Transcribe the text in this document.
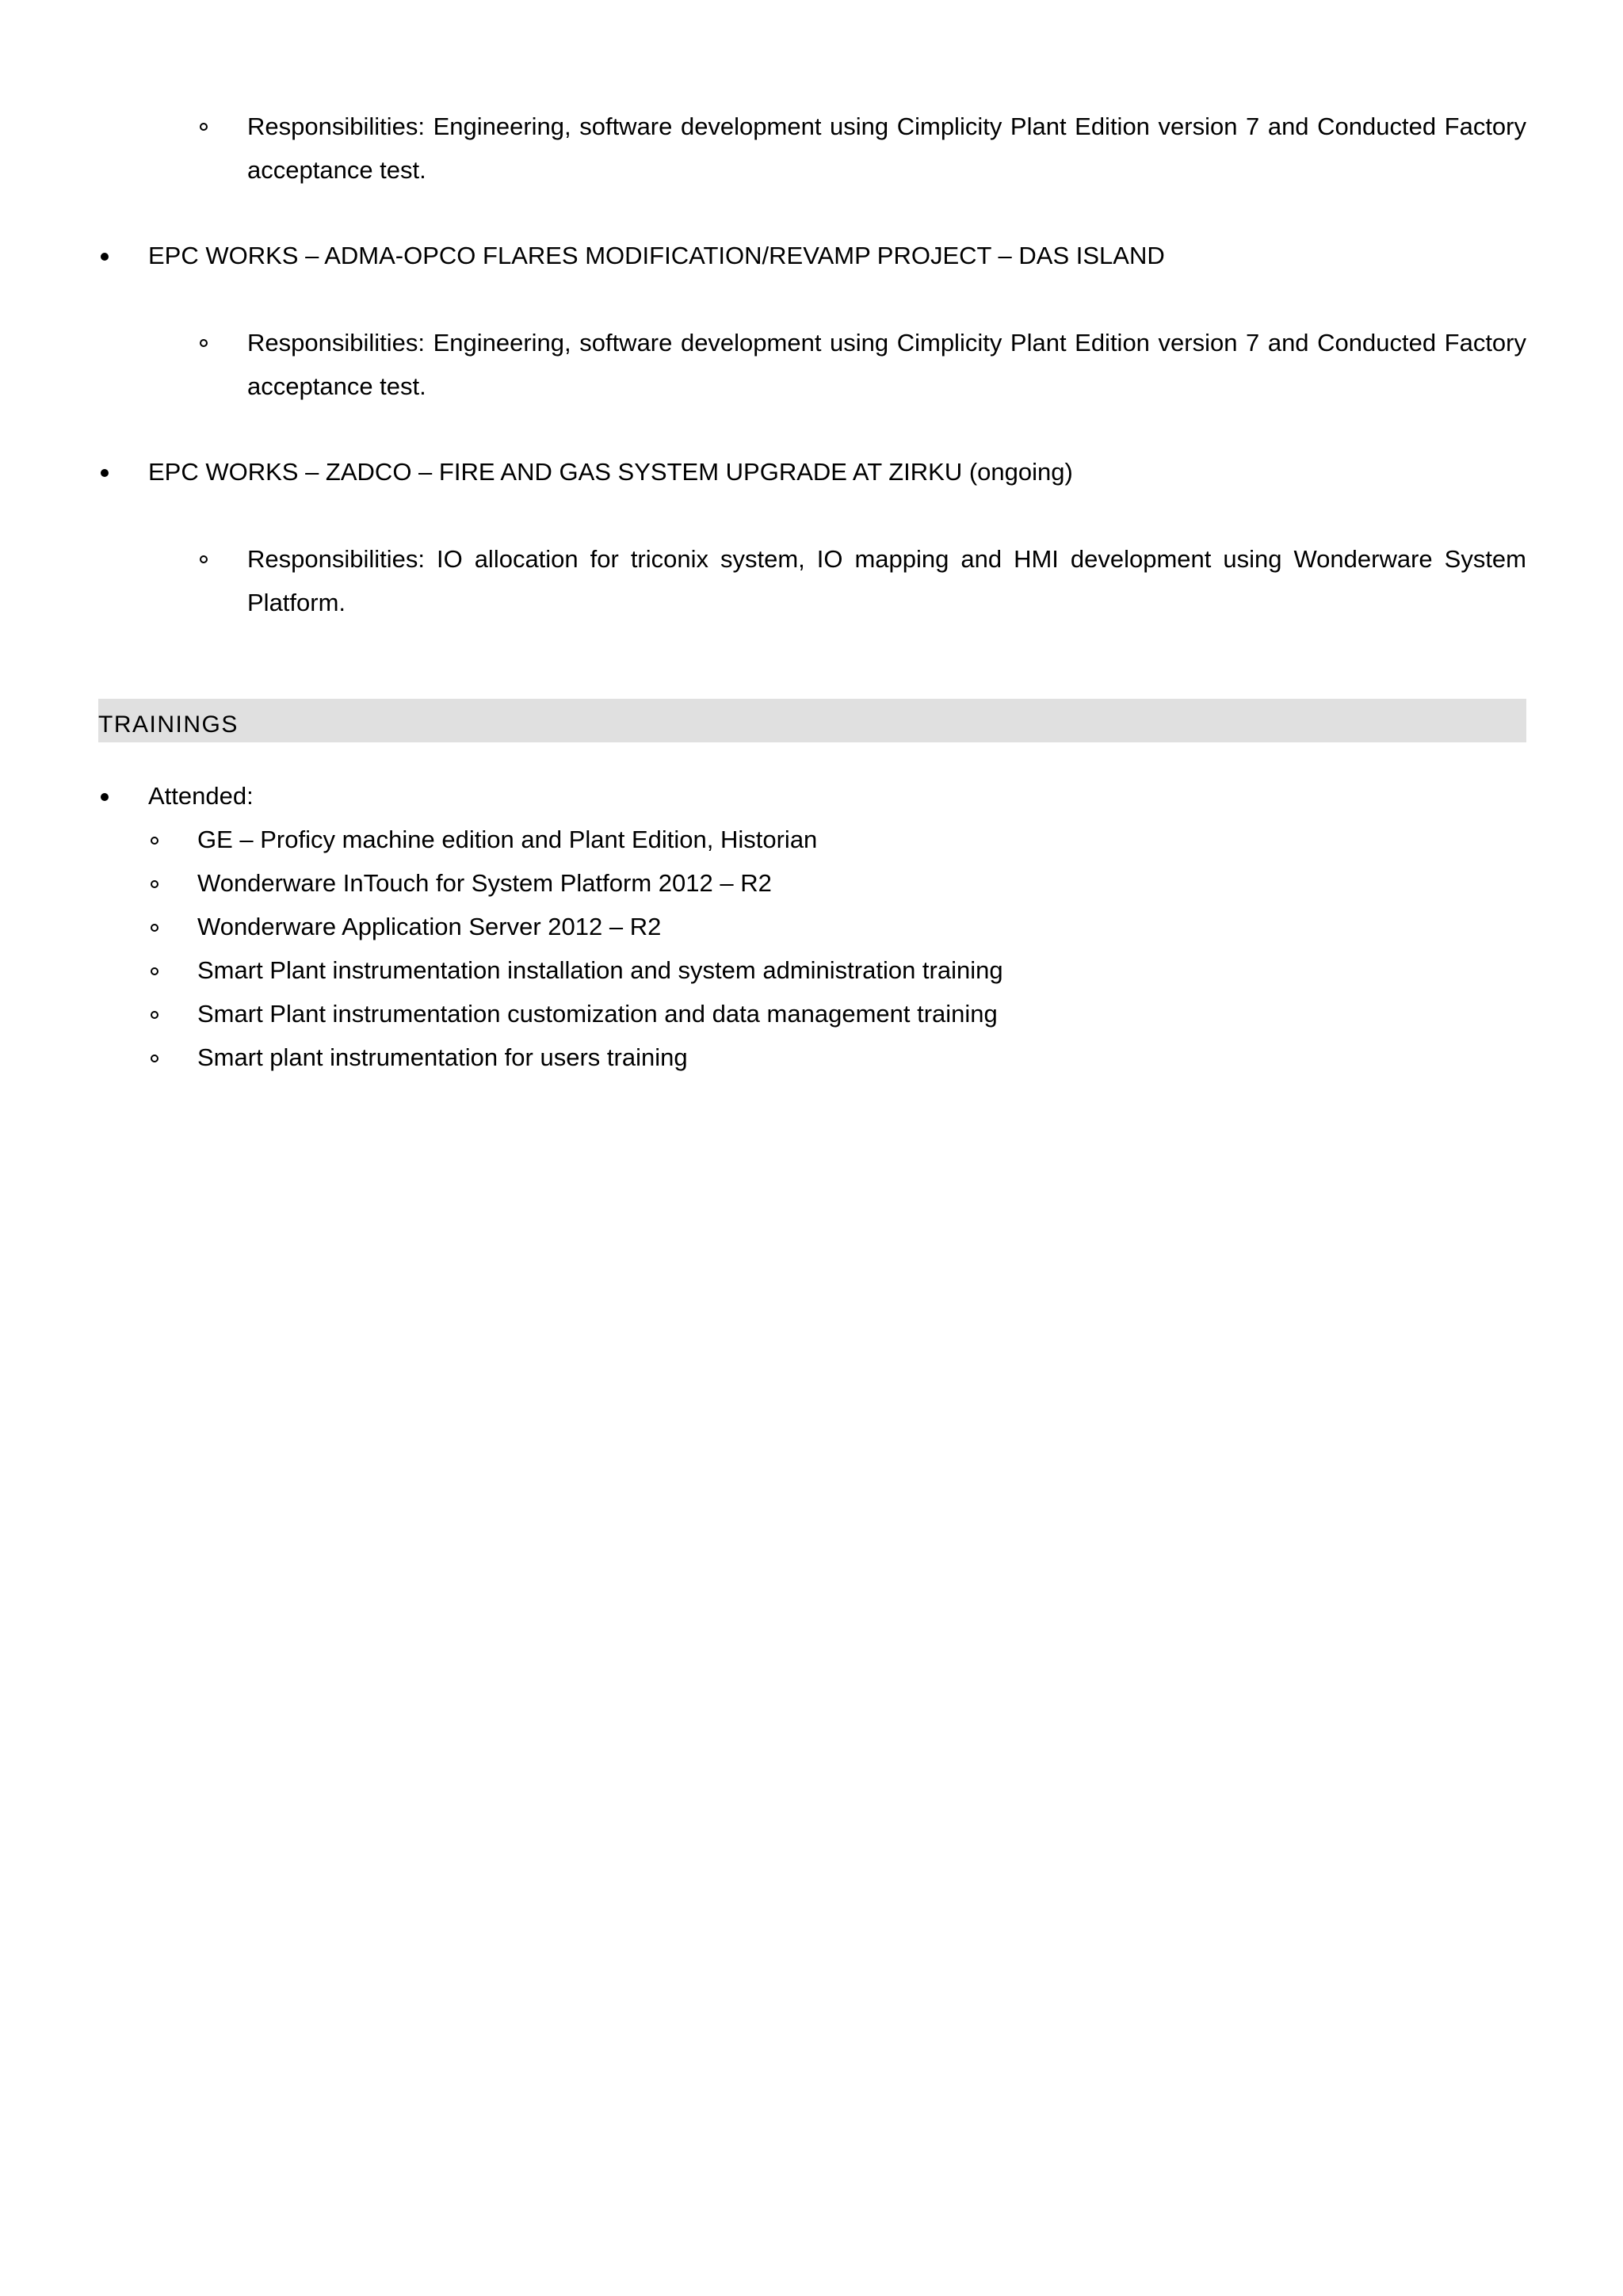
Responsibilities: Engineering, software development using Cimplicity Plant Edition version 7 and Conducted Factory
acceptance test.
EPC WORKS – ADMA-OPCO FLARES MODIFICATION/REVAMP PROJECT – DAS ISLAND
Responsibilities: Engineering, software development using Cimplicity Plant Edition version 7 and Conducted Factory
acceptance test.
EPC WORKS – ZADCO – FIRE AND GAS SYSTEM UPGRADE AT ZIRKU (ongoing)
Responsibilities: IO allocation for triconix system, IO mapping and HMI development using Wonderware System
Platform.
TRAININGS
Attended:
GE – Proficy machine edition and Plant Edition, Historian
Wonderware InTouch for System Platform 2012 – R2
Wonderware Application Server 2012 – R2
Smart Plant instrumentation installation and system administration training
Smart Plant instrumentation customization and data management training
Smart plant instrumentation for users training
